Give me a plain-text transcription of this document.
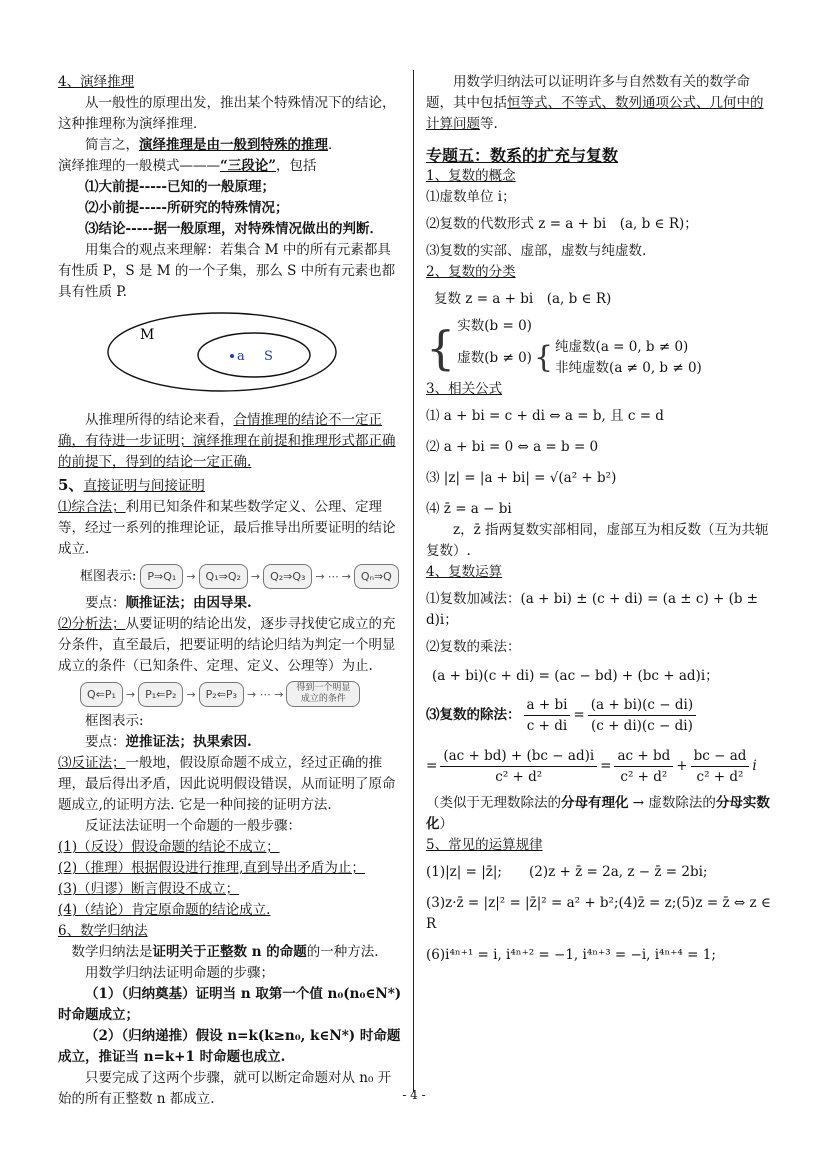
4、演绎推理

从一般性的原理出发，推出某个特殊情况下的结论，这种推理称为演绎推理．

简言之，演绎推理是由一般到特殊的推理．

演绎推理的一般模式———“三段论”，包括

⑴大前提-----已知的一般原理；

⑵小前提-----所研究的特殊情况；

⑶结论-----据一般原理，对特殊情况做出的判断．

用集合的观点来理解：若集合 M 中的所有元素都具有性质 P，S 是 M 的一个子集，那么 S 中所有元素也都具有性质 P.

M
a S

从推理所得的结论来看，合情推理的结论不一定正确，有待进一步证明；演绎推理在前提和推理形式都正确的前提下，得到的结论一定正确.

5、直接证明与间接证明

⑴综合法；利用已知条件和某些数学定义、公理、定理等，经过一系列的推理论证，最后推导出所要证明的结论成立.

框图表示:	P⇒Q₁ → Q₁⇒Q₂ → Q₂⇒Q₃ → ⋯ → Qₙ⇒Q

要点：顺推证法；由因导果.

⑵分析法；从要证明的结论出发，逐步寻找使它成立的充分条件，直至最后，把要证明的结论归结为判定一个明显成立的条件（已知条件、定理、定义、公理等）为止.

Q⇐P₁ → P₁⇐P₂ → P₂⇐P₃ → ⋯ →	得到一个明显成立的条件

框图表示:

要点：逆推证法；执果索因.

⑶反证法；一般地，假设原命题不成立，经过正确的推理，最后得出矛盾，因此说明假设错误，从而证明了原命题成立,的证明方法. 它是一种间接的证明方法.

反证法法证明一个命题的一般步骤：

(1)（反设）假设命题的结论不成立；

(2)（推理）根据假设进行推理,直到导出矛盾为止；

(3)（归谬）断言假设不成立；

(4)（结论）肯定原命题的结论成立.

6、数学归纳法

数学归纳法是证明关于正整数 n 的命题的一种方法.

用数学归纳法证明命题的步骤；

（1）（归纳奠基）证明当 n 取第一个值 n₀(n₀∈N*) 时命题成立；

（2）（归纳递推）假设 n=k(k≥n₀, k∈N*) 时命题成立，推证当 n=k+1 时命题也成立.

只要完成了这两个步骤，就可以断定命题对从 n₀ 开始的所有正整数 n 都成立.

用数学归纳法可以证明许多与自然数有关的数学命题，其中包括恒等式、不等式、数列通项公式、几何中的计算问题等.

专题五：数系的扩充与复数

1、复数的概念

⑴虚数单位 i；

⑵复数的代数形式 z = a + bi　(a, b ∈ R)；

⑶复数的实部、虚部，虚数与纯虚数.

2、复数的分类

复数 z = a + bi　(a, b ∈ R)

{ 实数(b = 0)

虚数(b ≠ 0) { 纯虚数(a = 0, b ≠ 0)

非纯虚数(a ≠ 0, b ≠ 0)

3、相关公式

⑴ a + bi = c + di ⇔ a = b, 且 c = d

⑵ a + bi = 0 ⇔ a = b = 0

⑶ |z| = |a + bi| = √(a² + b²)

⑷ z̄ = a − bi

z，z̄ 指两复数实部相同，虚部互为相反数（互为共轭复数）.

4、复数运算

⑴复数加减法：(a + bi) ± (c + di) = (a ± c) + (b ± d)i；

⑵复数的乘法：

(a + bi)(c + di) = (ac − bd) + (bc + ad)i；

⑶复数的除法： $\frac{a + bi}{c + di} = \frac{(a + bi)(c - di)}{(c + di)(c - di)}$
= $\frac{(ac + bd) + (bc - ad)i}{\text{c² + d²}} = \frac{ac + bd}{\text{c² + d²}} + \frac{bc - ad}{\text{c² + d²}}$ i

（类似于无理数除法的分母有理化 → 虚数除法的分母实数化）

5、常见的运算规律

(1)|z| = |z̄|;　　(2)z + z̄ = 2a, z − z̄ = 2bi;

(3)z·z̄ = |z|² = |z̄|² = a² + b²;(4)z̄̄ = z;(5)z = z̄ ⇔ z ∈ R

(6)i⁴ⁿ⁺¹ = i, i⁴ⁿ⁺² = −1, i⁴ⁿ⁺³ = −i, i⁴ⁿ⁺⁴ = 1;

- 4 -
